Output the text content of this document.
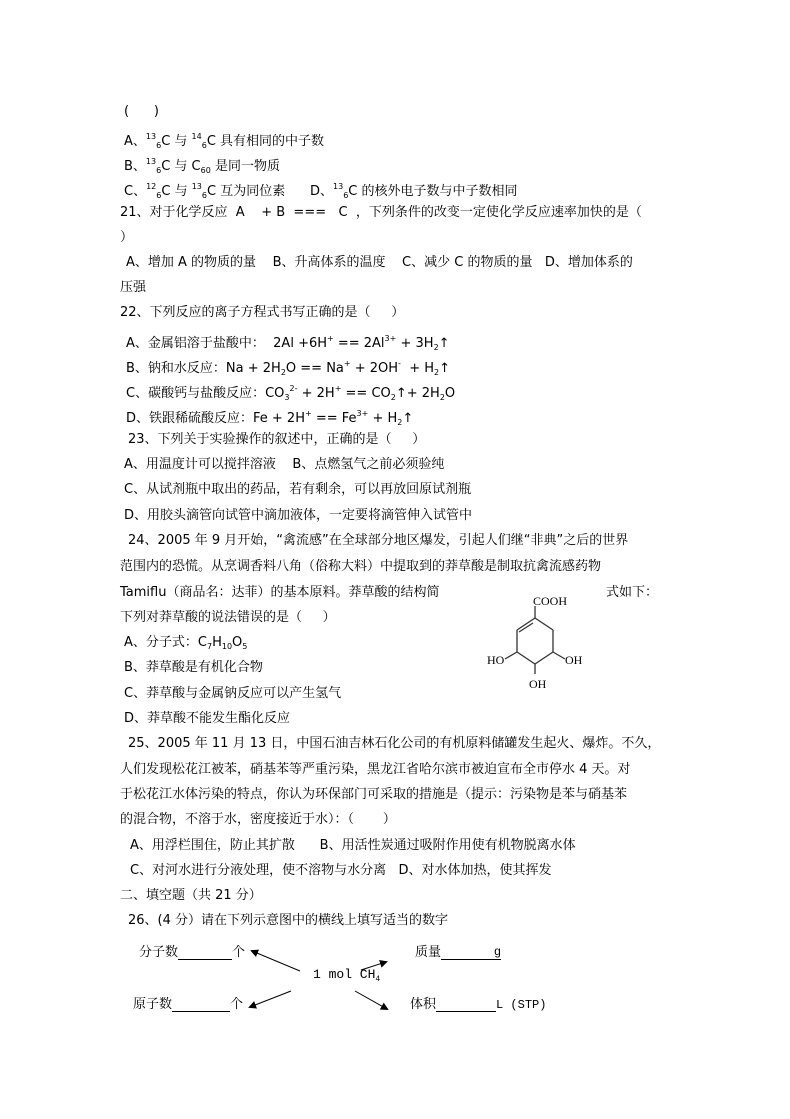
(      )
A、$^{13}_6$C 与 $^{14}_6$C 具有相同的中子数
B、$^{13}_6$C 与 $C_{60}$ 是同一物质
C、$^{12}_6$C 与 $^{13}_6$C 互为同位素      D、$^{13}_6$C 的核外电子数与中子数相同
21、对于化学反应  A    + B  ===   C  ，下列条件的改变一定使化学反应速率加快的是（
）
A、增加 A 的物质的量    B、升高体系的温度    C、减少 C 的物质的量   D、增加体系的
压强
22、下列反应的离子方程式书写正确的是（     ）
A、金属铝溶于盐酸中：  $2Al +6H^+ == 2Al^{3+}$ + $3H_2↑$
B、钠和水反应：$Na + 2H_2O == Na^+ + 2OH^-$  + $H_2↑$
C、碳酸钙与盐酸反应：$CO_3^{2-} + 2H^+$ == $CO_2↑+ 2H_2O$
D、铁跟稀硫酸反应：$Fe + 2H^+ == Fe^{3+}$ + $H_2↑$
23、下列关于实验操作的叙述中，正确的是（     ）
A、用温度计可以搅拌溶液    B、点燃氢气之前必须验纯
C、从试剂瓶中取出的药品，若有剩余，可以再放回原试剂瓶
D、用胶头滴管向试管中滴加液体，一定要将滴管伸入试管中
24、2005 年 9 月开始，“禽流感”在全球部分地区爆发，引起人们继“非典”之后的世界
范围内的恐慌。从烹调香料八角（俗称大料）中提取到的莽草酸是制取抗禽流感药物
Tamiflu（商品名：达菲）的基本原料。莽草酸的结构简	式如下：
下列对莽草酸的说法错误的是（     ）
A、分子式：$C_7H_{10}O_5$
B、莽草酸是有机化合物
C、莽草酸与金属钠反应可以产生氢气
D、莽草酸不能发生酯化反应
25、2005 年 11 月 13 日，中国石油吉林石化公司的有机原料储罐发生起火、爆炸。不久，
人们发现松花江被苯，硝基苯等严重污染，黑龙江省哈尔滨市被迫宣布全市停水 4 天。对
于松花江水体污染的特点，你认为环保部门可采取的措施是（提示：污染物是苯与硝基苯
的混合物，不溶于水，密度接近于水）：（       ）
A、用浮栏围住，防止其扩散      B、用活性炭通过吸附作用使有机物脱离水体
C、对河水进行分液处理，使不溶物与水分离   D、对水体加热，使其挥发
二、填空题（共 21 分）
26、(4 分）请在下列示意图中的横线上填写适当的数字
COOH
HO	OH
OH
分子数	个	质量	g
1 mol $CH_4$
原子数	个	体积	L (STP)
